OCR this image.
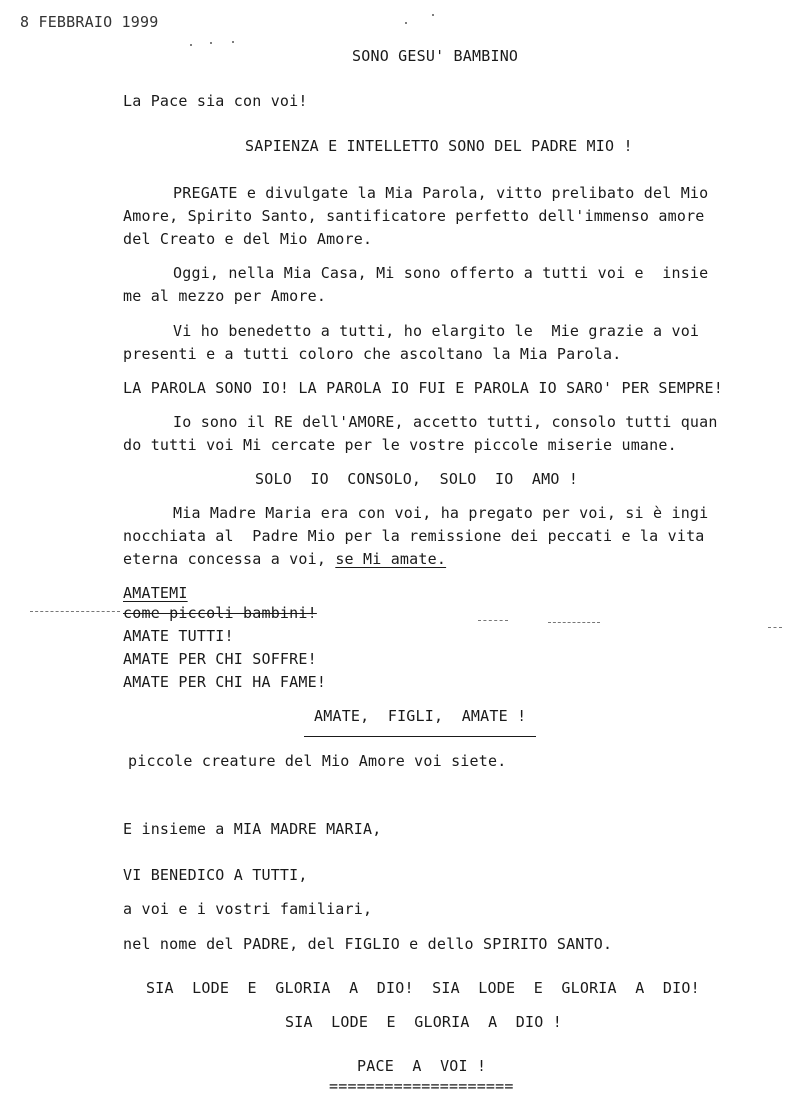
8 FEBBRAIO 1999
SONO GESU' BAMBINO
La Pace sia con voi!
SAPIENZA E INTELLETTO SONO DEL PADRE MIO !
PREGATE e divulgate la Mia Parola, vitto prelibato del Mio
Amore, Spirito Santo, santificatore perfetto dell'immenso amore
del Creato e del Mio Amore.
Oggi, nella Mia Casa, Mi sono offerto a tutti voi e  insie
me al mezzo per Amore.
Vi ho benedetto a tutti, ho elargito le  Mie grazie a voi
presenti e a tutti coloro che ascoltano la Mia Parola.
LA PAROLA SONO IO! LA PAROLA IO FUI E PAROLA IO SARO' PER SEMPRE!
Io sono il RE dell'AMORE, accetto tutti, consolo tutti quan
do tutti voi Mi cercate per le vostre piccole miserie umane.
SOLO  IO  CONSOLO,  SOLO  IO  AMO !
Mia Madre Maria era con voi, ha pregato per voi, si è ingi
nocchiata al  Padre Mio per la remissione dei peccati e la vita
eterna concessa a voi, se Mi amate.
AMATEMI
come piccoli bambini!
AMATE TUTTI!
AMATE PER CHI SOFFRE!
AMATE PER CHI HA FAME!
AMATE,  FIGLI,  AMATE !
piccole creature del Mio Amore voi siete.
E insieme a MIA MADRE MARIA,
VI BENEDICO A TUTTI,
a voi e i vostri familiari,
nel nome del PADRE, del FIGLIO e dello SPIRITO SANTO.
SIA  LODE  E  GLORIA  A  DIO!  SIA  LODE  E  GLORIA  A  DIO!
SIA  LODE  E  GLORIA  A  DIO !
PACE  A  VOI !
====================
